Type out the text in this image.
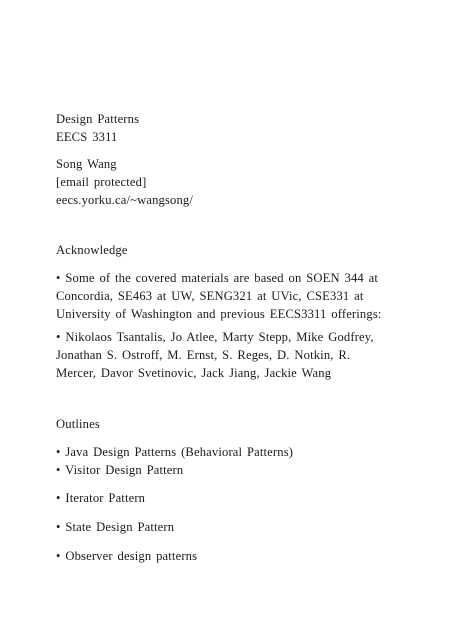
Design Patterns
EECS 3311
Song Wang
[email protected]
eecs.yorku.ca/~wangsong/
Acknowledge
• Some of the covered materials are based on SOEN 344 at
Concordia, SE463 at UW, SENG321 at UVic, CSE331 at
University of Washington and previous EECS3311 offerings:
• Nikolaos Tsantalis, Jo Atlee, Marty Stepp, Mike Godfrey,
Jonathan S. Ostroff, M. Ernst, S. Reges, D. Notkin, R.
Mercer, Davor Svetinovic, Jack Jiang, Jackie Wang
Outlines
• Java Design Patterns (Behavioral Patterns)
• Visitor Design Pattern
• Iterator Pattern
• State Design Pattern
• Observer design patterns
